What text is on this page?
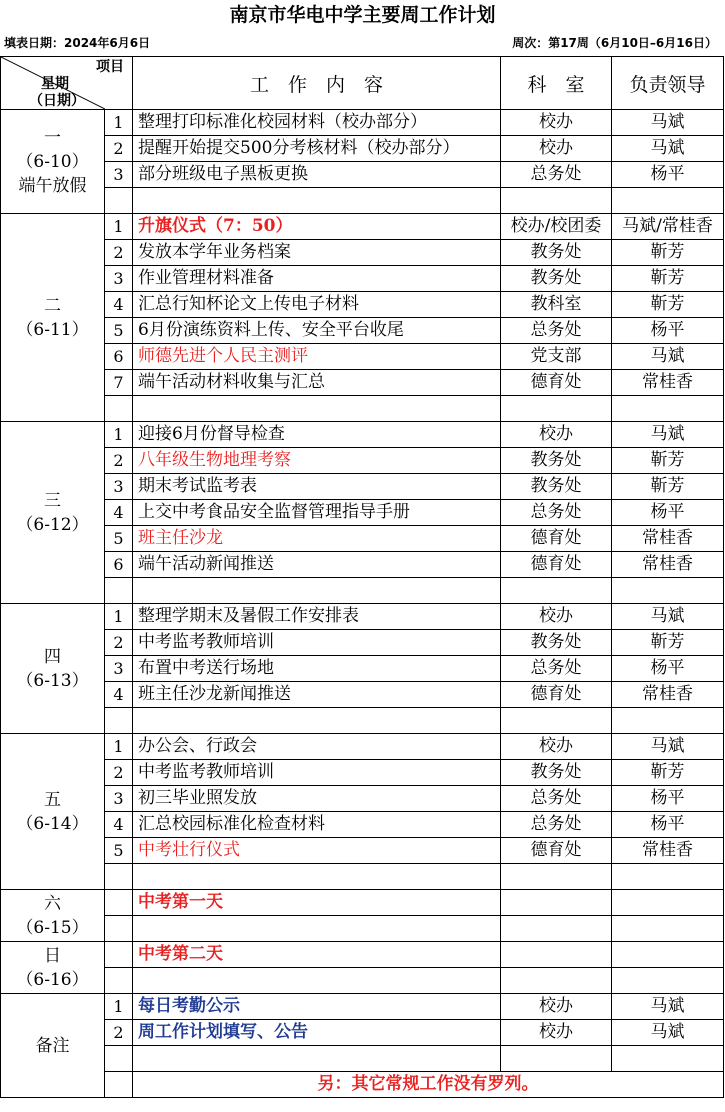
南京市华电中学主要周工作计划
填表日期：2024年6月6日	周次：第17周（6月10日–6月16日）
项目
星期
（日期）		工　作　内　容	科　室	负责领导

一
（6-10）
端午放假	1	整理打印标准化校园材料（校办部分）	校办	马斌
	2	提醒开始提交500分考核材料（校办部分）	校办	马斌
	3	部分班级电子黑板更换	总务处	杨平

二
（6-11）	1	升旗仪式（7：50）	校办/校团委	马斌/常桂香
	2	发放本学年业务档案	教务处	靳芳
	3	作业管理材料准备	教务处	靳芳
	4	汇总行知杯论文上传电子材料	教科室	靳芳
	5	6月份演练资料上传、安全平台收尾	总务处	杨平
	6	师德先进个人民主测评	党支部	马斌
	7	端午活动材料收集与汇总	德育处	常桂香

三
（6-12）	1	迎接6月份督导检查	校办	马斌
	2	八年级生物地理考察	教务处	靳芳
	3	期末考试监考表	教务处	靳芳
	4	上交中考食品安全监督管理指导手册	总务处	杨平
	5	班主任沙龙	德育处	常桂香
	6	端午活动新闻推送	德育处	常桂香

四
（6-13）	1	整理学期末及暑假工作安排表	校办	马斌
	2	中考监考教师培训	教务处	靳芳
	3	布置中考送行场地	总务处	杨平
	4	班主任沙龙新闻推送	德育处	常桂香

五
（6-14）	1	办公会、行政会	校办	马斌
	2	中考监考教师培训	教务处	靳芳
	3	初三毕业照发放	总务处	杨平
	4	汇总校园标准化检查材料	总务处	杨平
	5	中考壮行仪式	德育处	常桂香

六
（6-15）		中考第一天		

日
（6-16）		中考第二天		

备注	1	每日考勤公示	校办	马斌
	2	周工作计划填写、公告	校办	马斌

		另：其它常规工作没有罗列。		
